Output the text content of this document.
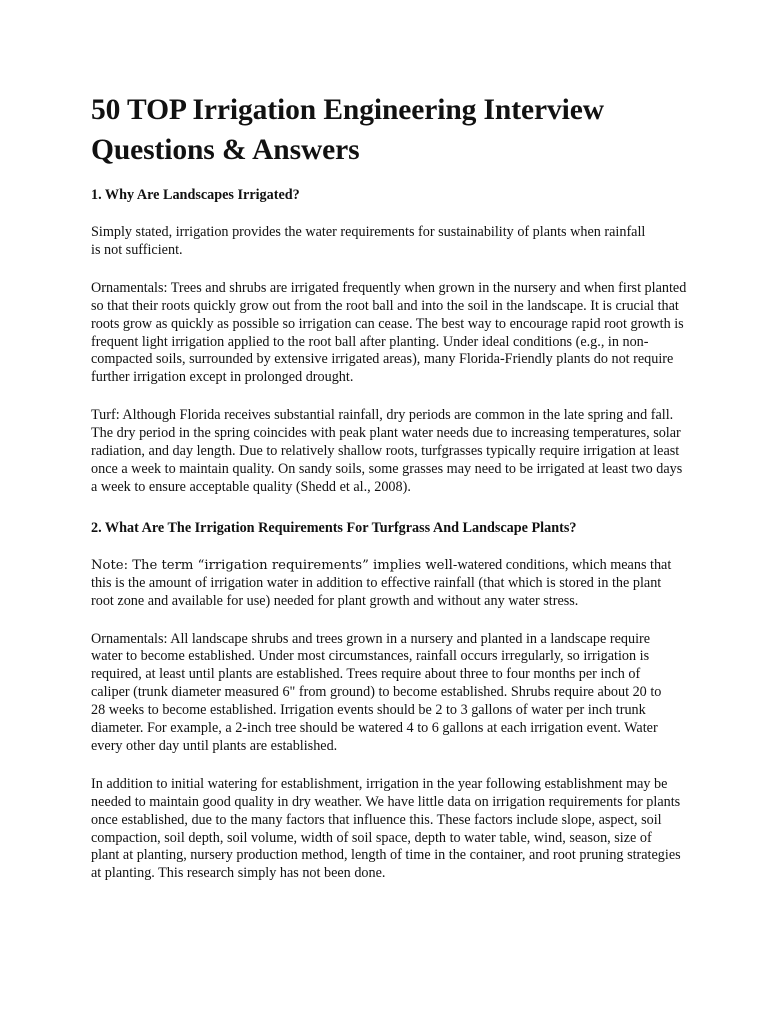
50 TOP Irrigation Engineering Interview Questions & Answers
1. Why Are Landscapes Irrigated?

Simply stated, irrigation provides the water requirements for sustainability of plants when rainfall is not sufficient.

Ornamentals: Trees and shrubs are irrigated frequently when grown in the nursery and when first planted so that their roots quickly grow out from the root ball and into the soil in the landscape. It is crucial that roots grow as quickly as possible so irrigation can cease. The best way to encourage rapid root growth is frequent light irrigation applied to the root ball after planting. Under ideal conditions (e.g., in non-compacted soils, surrounded by extensive irrigated areas), many Florida-Friendly plants do not require further irrigation except in prolonged drought.

Turf: Although Florida receives substantial rainfall, dry periods are common in the late spring and fall. The dry period in the spring coincides with peak plant water needs due to increasing temperatures, solar radiation, and day length. Due to relatively shallow roots, turfgrasses typically require irrigation at least once a week to maintain quality. On sandy soils, some grasses may need to be irrigated at least two days a week to ensure acceptable quality (Shedd et al., 2008).

2. What Are The Irrigation Requirements For Turfgrass And Landscape Plants?

Note: The term “irrigation requirements” implies well-watered conditions, which means that this is the amount of irrigation water in addition to effective rainfall (that which is stored in the plant root zone and available for use) needed for plant growth and without any water stress.

Ornamentals: All landscape shrubs and trees grown in a nursery and planted in a landscape require water to become established. Under most circumstances, rainfall occurs irregularly, so irrigation is required, at least until plants are established. Trees require about three to four months per inch of caliper (trunk diameter measured 6" from ground) to become established. Shrubs require about 20 to 28 weeks to become established. Irrigation events should be 2 to 3 gallons of water per inch trunk diameter. For example, a 2-inch tree should be watered 4 to 6 gallons at each irrigation event. Water every other day until plants are established.

In addition to initial watering for establishment, irrigation in the year following establishment may be needed to maintain good quality in dry weather. We have little data on irrigation requirements for plants once established, due to the many factors that influence this. These factors include slope, aspect, soil compaction, soil depth, soil volume, width of soil space, depth to water table, wind, season, size of plant at planting, nursery production method, length of time in the container, and root pruning strategies at planting. This research simply has not been done.
